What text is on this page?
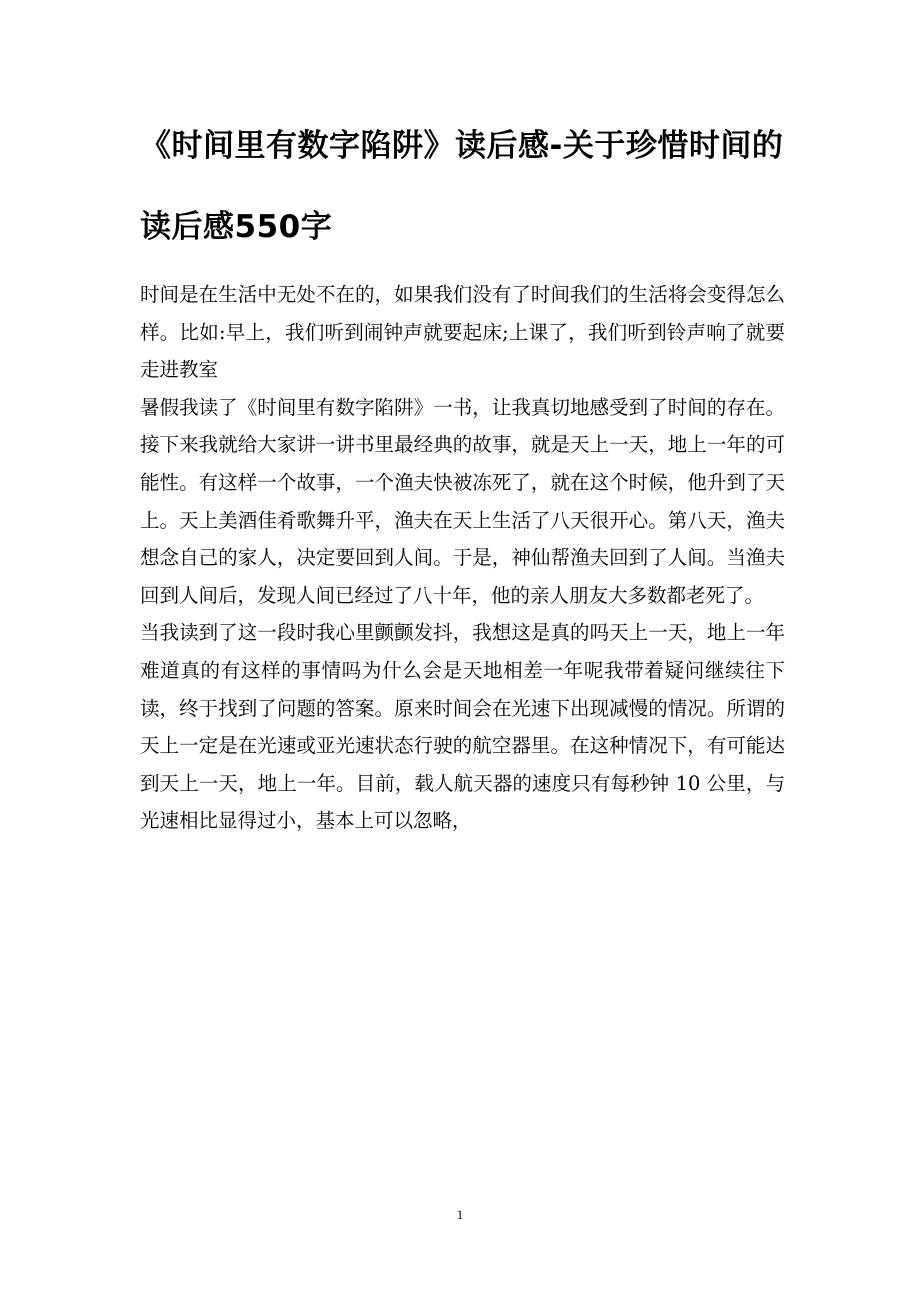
《时间里有数字陷阱》读后感-关于珍惜时间的读后感550字

时间是在生活中无处不在的，如果我们没有了时间我们的生活将会变得怎么样。比如:早上，我们听到闹钟声就要起床;上课了，我们听到铃声响了就要走进教室

暑假我读了《时间里有数字陷阱》一书，让我真切地感受到了时间的存在。接下来我就给大家讲一讲书里最经典的故事，就是天上一天，地上一年的可能性。有这样一个故事，一个渔夫快被冻死了，就在这个时候，他升到了天上。天上美酒佳肴歌舞升平，渔夫在天上生活了八天很开心。第八天，渔夫想念自己的家人，决定要回到人间。于是，神仙帮渔夫回到了人间。当渔夫回到人间后，发现人间已经过了八十年，他的亲人朋友大多数都老死了。

当我读到了这一段时我心里颤颤发抖，我想这是真的吗天上一天，地上一年难道真的有这样的事情吗为什么会是天地相差一年呢我带着疑问继续往下读，终于找到了问题的答案。原来时间会在光速下出现减慢的情况。所谓的天上一定是在光速或亚光速状态行驶的航空器里。在这种情况下，有可能达到天上一天，地上一年。目前，载人航天器的速度只有每秒钟 10 公里，与光速相比显得过小，基本上可以忽略，

1
